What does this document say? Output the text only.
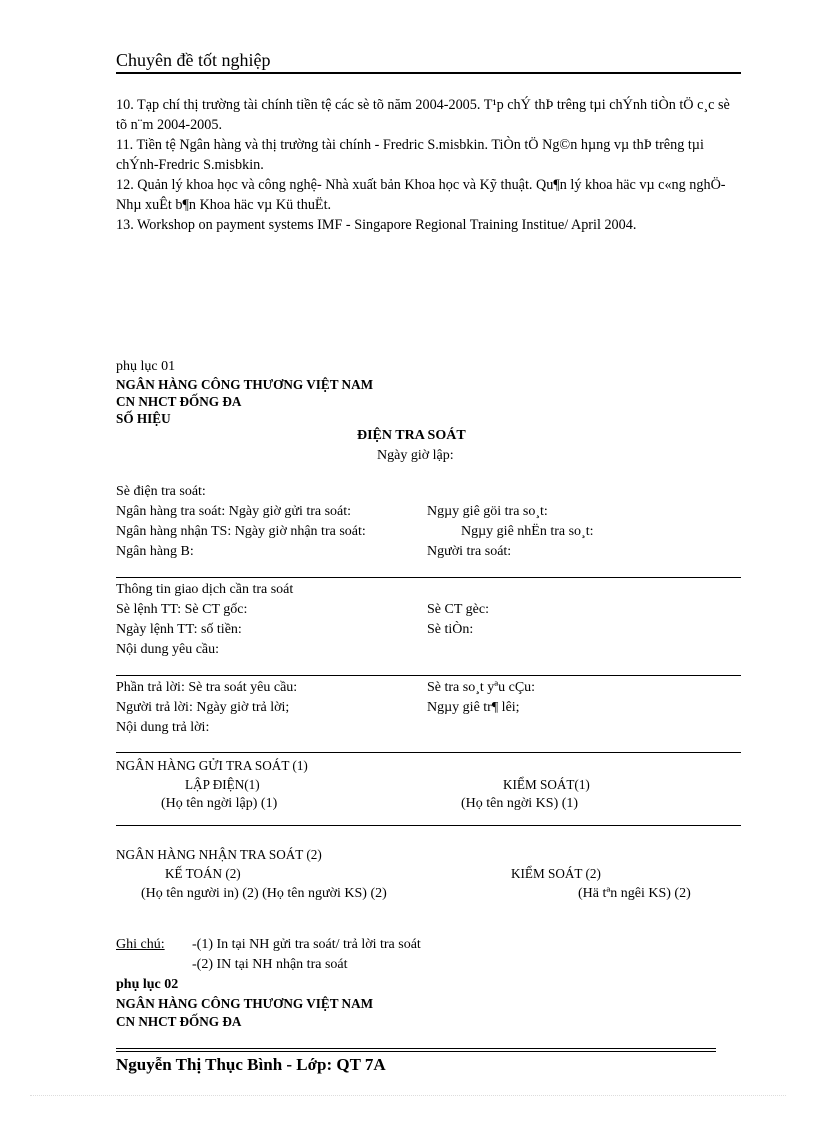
Chuyên đề tốt nghiệp

10. Tạp chí thị trường tài chính tiền tệ các sè tõ năm 2004-2005. T¹p chÝ thÞ trêng tµi chÝnh tiÒn tÖ c¸c sè tõ n¨m 2004-2005.

11. Tiền tệ Ngân hàng và thị trường tài chính - Fredric S.misbkin. TiÒn tÖ Ng©n hµng vµ thÞ trêng tµi chÝnh-Fredric S.misbkin.

12. Quản lý khoa học và công nghệ- Nhà xuất bản Khoa học và Kỹ thuật. Qu¶n lý khoa häc vµ c«ng nghÖ- Nhµ xuÊt b¶n Khoa häc vµ Kü thuËt.

13. Workshop on payment systems IMF - Singapore Regional Training Institue/ April 2004.

phụ lục 01
NGÂN HÀNG CÔNG THƯƠNG VIỆT NAM
CN NHCT ĐỐNG ĐA
SỐ HIỆU
ĐIỆN TRA SOÁT
Ngày giờ lập:
Sè điện tra soát:
Ngân hàng tra soát: Ngày giờ gửi tra soát:	Ngµy giê göi tra so¸t:
Ngân hàng nhận TS: Ngày giờ nhận tra soát:	Ngµy giê nhËn tra so¸t:
Ngân hàng B:	Người tra soát:
Thông tin giao dịch cần tra soát
Sè lệnh TT: Sè CT gốc:	Sè CT gèc:
Ngày lệnh TT: số tiền:	Sè tiÒn:
Nội dung yêu cầu:
Phần trả lời: Sè tra soát yêu cầu:	Sè tra so¸t yªu cÇu:
Người trả lời: Ngày giờ trả lời;	Ngµy giê tr¶ lêi;
Nội dung trả lời:
NGÂN HÀNG GỬI TRA SOÁT (1)
LẬP ĐIỆN(1)
(Họ tên ngời lập) (1)
KIỂM SOÁT(1)
(Họ tên ngời KS) (1)
NGÂN HÀNG NHẬN TRA SOÁT (2)
KẾ TOÁN (2)
(Họ tên người in) (2) (Họ tên người KS) (2)
KIỂM SOÁT (2)
(Hä tªn ngêi KS) (2)
Ghi chú: -(1) In tại NH gửi tra soát/ trả lời tra soát
-(2) IN tại NH nhận tra soát
phụ lục 02
NGÂN HÀNG CÔNG THƯƠNG VIỆT NAM
CN NHCT ĐỐNG ĐA
Nguyễn Thị Thục Bình - Lớp: QT 7A
